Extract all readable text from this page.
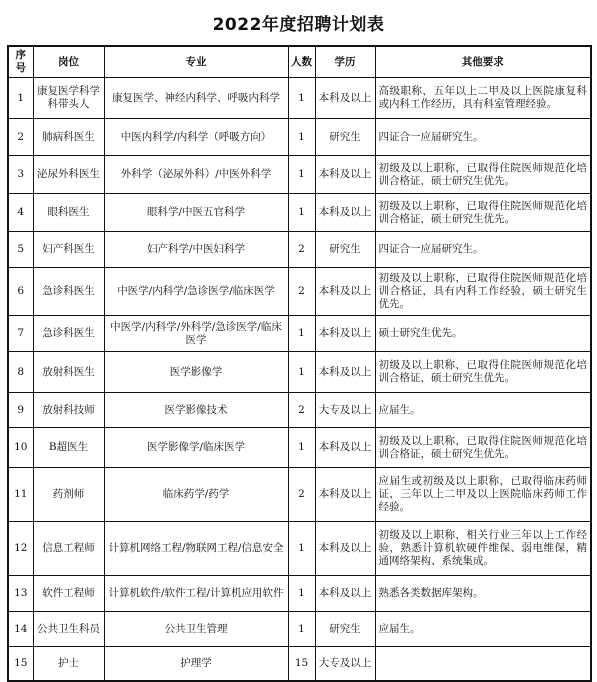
2022年度招聘计划表
序号	岗位	专业	人数	学历	其他要求
1	康复医学科学科带头人	康复医学、神经内科学、呼吸内科学	1	本科及以上	高级职称，五年以上二甲及以上医院康复科或内科工作经历，具有科室管理经验。
2	肺病科医生	中医内科学/内科学（呼吸方向）	1	研究生	四证合一应届研究生。
3	泌尿外科医生	外科学（泌尿外科）/中医外科学	1	本科及以上	初级及以上职称，已取得住院医师规范化培训合格证，硕士研究生优先。
4	眼科医生	眼科学/中医五官科学	1	本科及以上	初级及以上职称，已取得住院医师规范化培训合格证，硕士研究生优先。
5	妇产科医生	妇产科学/中医妇科学	2	研究生	四证合一应届研究生。
6	急诊科医生	中医学/内科学/急诊医学/临床医学	2	本科及以上	初级及以上职称，已取得住院医师规范化培训合格证，具有内科工作经验，硕士研究生优先。
7	急诊科医生	中医学/内科学/外科学/急诊医学/临床医学	1	本科及以上	硕士研究生优先。
8	放射科医生	医学影像学	1	本科及以上	初级及以上职称，已取得住院医师规范化培训合格证，硕士研究生优先。
9	放射科技师	医学影像技术	2	大专及以上	应届生。
10	B超医生	医学影像学/临床医学	1	本科及以上	初级及以上职称，已取得住院医师规范化培训合格证，硕士研究生优先。
11	药剂师	临床药学/药学	2	本科及以上	应届生或初级及以上职称，已取得临床药师证，三年以上二甲及以上医院临床药师工作经验。
12	信息工程师	计算机网络工程/物联网工程/信息安全	1	本科及以上	初级及以上职称，相关行业三年以上工作经验，熟悉计算机软硬件维保、弱电维保，精通网络架构、系统集成。
13	软件工程师	计算机软件/软件工程/计算机应用软件	1	本科及以上	熟悉各类数据库架构。
14	公共卫生科员	公共卫生管理	1	研究生	应届生。
15	护士	护理学	15	大专及以上	
